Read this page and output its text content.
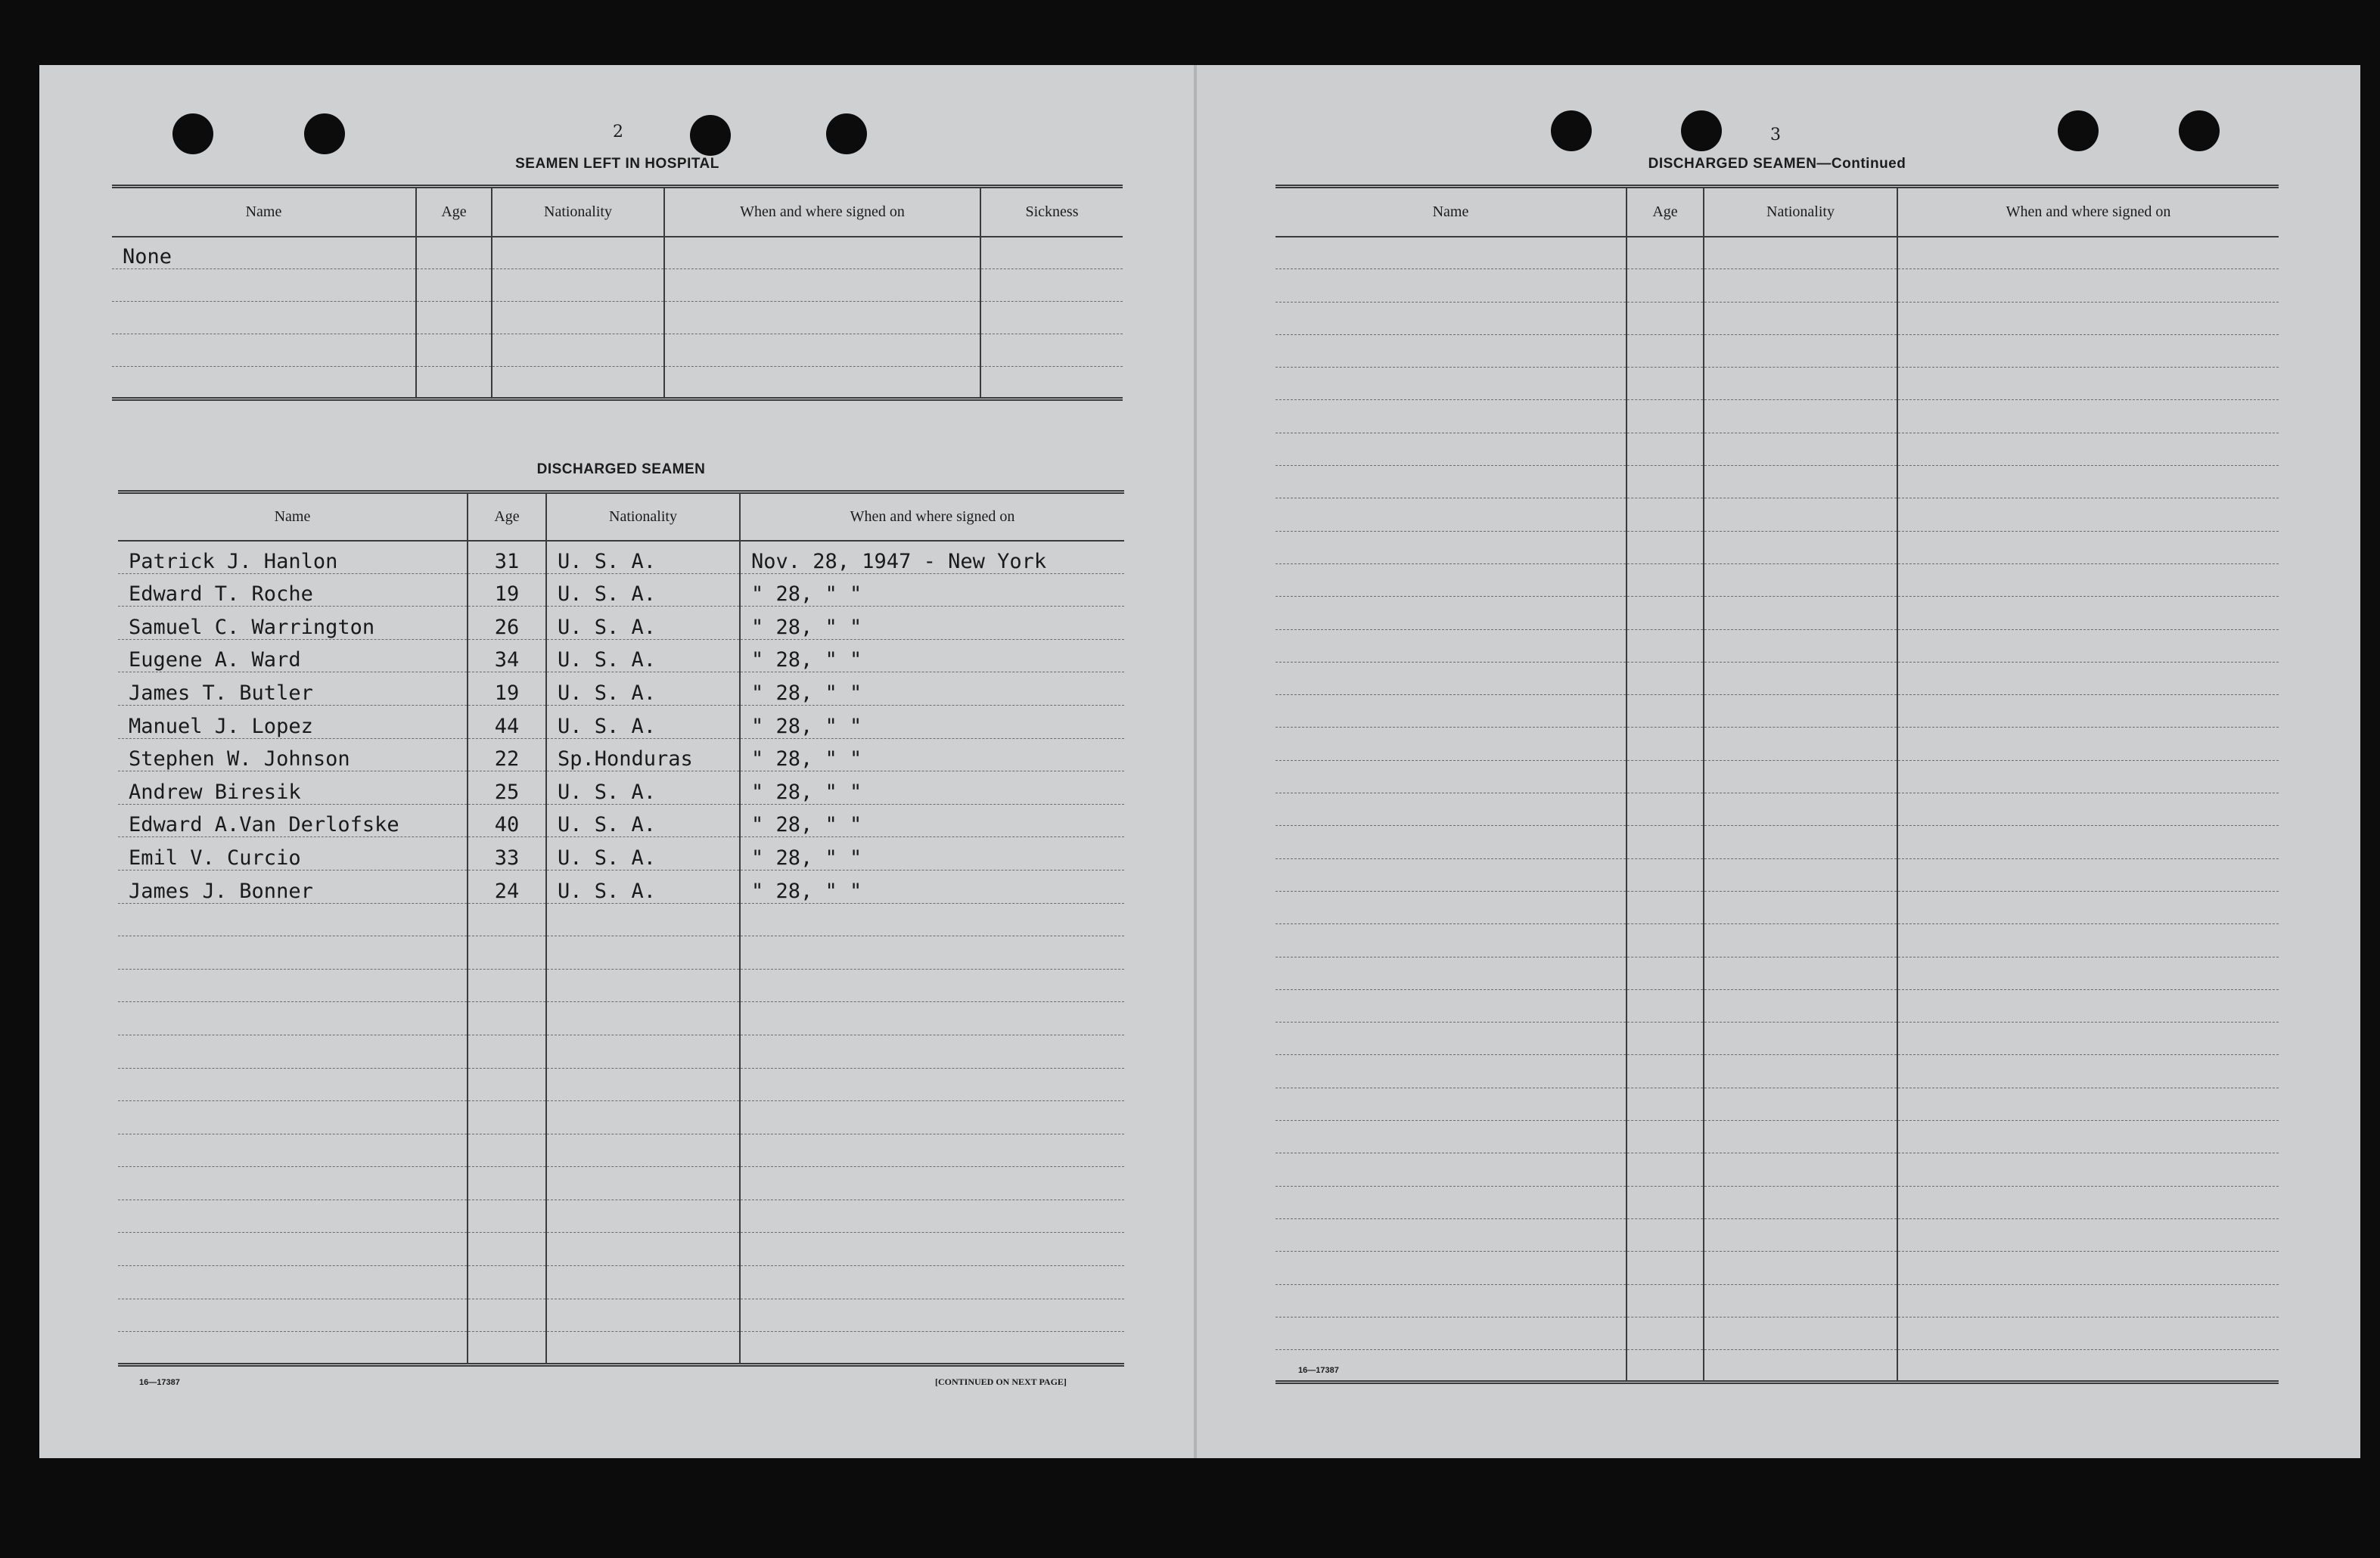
2
SEAMEN LEFT IN HOSPITAL
Name	Age	Nationality	When and where signed on	Sickness
None				

DISCHARGED SEAMEN
Name	Age	Nationality	When and where signed on
Patrick J. Hanlon	31	U. S. A.	Nov. 28, 1947 - New York
Edward T. Roche	19	U. S. A.	" 28, " "
Samuel C. Warrington	26	U. S. A.	" 28, " "
Eugene A. Ward	34	U. S. A.	" 28, " "
James T. Butler	19	U. S. A.	" 28, " "
Manuel J. Lopez	44	U. S. A.	" 28, " "
Stephen W. Johnson	22	Sp.Honduras	" 28, " "
Andrew Biresik	25	U. S. A.	" 28, " "
Edward A.Van Derlofske	40	U. S. A.	" 28, " "
Emil V. Curcio	33	U. S. A.	" 28, " "
James J. Bonner	24	U. S. A.	" 28, " "

16—17387	[CONTINUED ON NEXT PAGE]
3
DISCHARGED SEAMEN—Continued
Name	Age	Nationality	When and where signed on

16—17387
